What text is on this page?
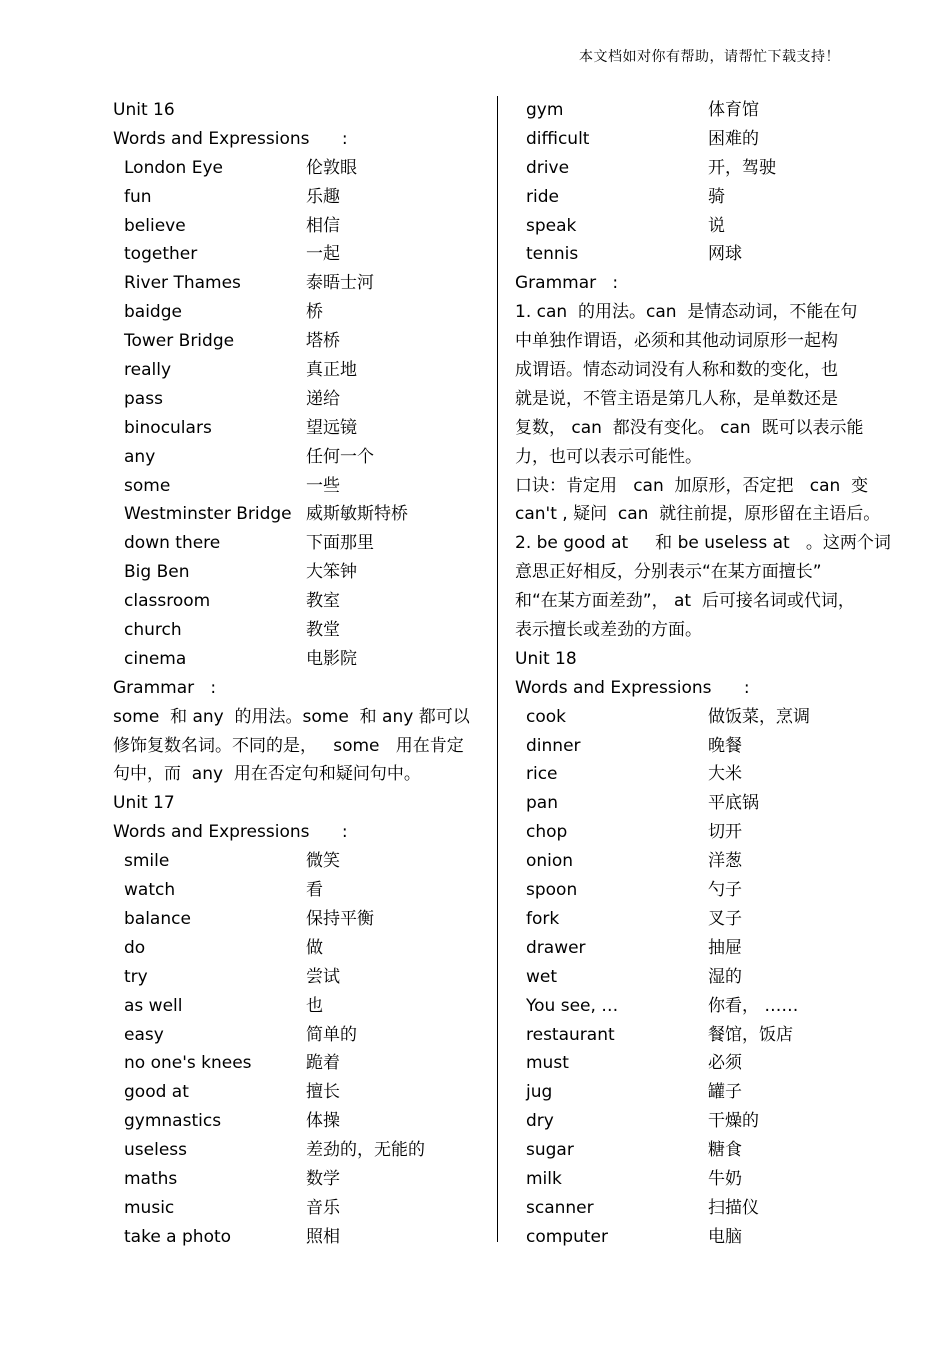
本文档如对你有帮助，请帮忙下载支持！
Unit 16
Words and Expressions      :
London Eye	伦敦眼
fun	乐趣
believe	相信
together	一起
River Thames	泰晤士河
baidge	桥
Tower Bridge	塔桥
really	真正地
pass	递给
binoculars	望远镜
any	任何一个
some	一些
Westminster Bridge 威斯敏斯特桥
down there	下面那里
Big Ben	大笨钟
classroom	教室
church	教堂
cinema	电影院
Grammar   :
some  和 any  的用法。some  和 any 都可以
修饰复数名词。不同的是，   some   用在肯定
句中，而  any  用在否定句和疑问句中。
Unit 17
Words and Expressions      :
smile	微笑
watch	看
balance	保持平衡
do	做
try	尝试
as well	也
easy	简单的
no one's knees	跪着
good at	擅长
gymnastics	体操
useless	差劲的，无能的
maths	数学
music	音乐
take a photo	照相
gym	体育馆
difficult	困难的
drive	开，驾驶
ride	骑
speak	说
tennis	网球
Grammar   :
1. can  的用法。can  是情态动词，不能在句
中单独作谓语，必须和其他动词原形一起构
成谓语。情态动词没有人称和数的变化，也
就是说，不管主语是第几人称，是单数还是
复数， can  都没有变化。 can  既可以表示能
力，也可以表示可能性。
口诀：肯定用   can  加原形，否定把   can  变
can't , 疑问  can  就往前提，原形留在主语后。
2. be good at     和 be useless at   。这两个词
意思正好相反，分别表示“在某方面擅长”
和“在某方面差劲”， at  后可接名词或代词，
表示擅长或差劲的方面。
Unit 18
Words and Expressions      :
cook	做饭菜，烹调
dinner	晚餐
rice	大米
pan	平底锅
chop	切开
onion	洋葱
spoon	勺子
fork	叉子
drawer	抽屉
wet	湿的
You see, …	你看， ……
restaurant	餐馆，饭店
must	必须
jug	罐子
dry	干燥的
sugar	糖食
milk	牛奶
scanner	扫描仪
computer	电脑
